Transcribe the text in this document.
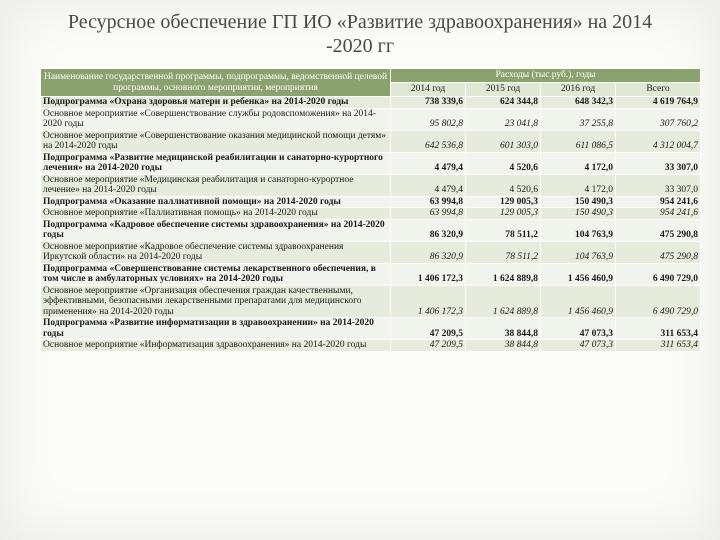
Ресурсное обеспечение ГП ИО «Развитие здравоохранения» на 2014
-2020 гг
Наименование государственной программы, подпрограммы, ведомственной целевой программы, основного мероприятия, мероприятия	Расходы (тыс.руб.), годы			
	2014 год	2015 год	2016 год	Всего
Подпрограмма «Охрана здоровья матери и ребенка» на 2014-2020 годы	738 339,6	624 344,8	648 342,3	4 619 764,9
Основное мероприятие «Совершенствование службы родовспоможения» на 2014-2020 годы	95 802,8	23 041,8	37 255,8	307 760,2
Основное мероприятие «Совершенствование оказания медицинской помощи детям» на 2014-2020 годы	642 536,8	601 303,0	611 086,5	4 312 004,7
Подпрограмма «Развитие медицинской реабилитации и санаторно-курортного лечения» на 2014-2020 годы	4 479,4	4 520,6	4 172,0	33 307,0
Основное мероприятие «Медицинская реабилитация и санаторно-курортное лечение» на 2014-2020 годы	4 479,4	4 520,6	4 172,0	33 307,0
Подпрограмма «Оказание паллиативной помощи» на 2014-2020 годы	63 994,8	129 005,3	150 490,3	954 241,6
Основное мероприятие «Паллиативная помощь» на 2014-2020 годы	63 994,8	129 005,3	150 490,3	954 241,6
Подпрограмма «Кадровое обеспечение системы здравоохранения» на 2014-2020 годы	86 320,9	78 511,2	104 763,9	475 290,8
Основное мероприятие «Кадровое обеспечение системы здравоохранения Иркутской области» на 2014-2020 годы	86 320,9	78 511,2	104 763,9	475 290,8
Подпрограмма «Совершенствование системы лекарственного обеспечения, в том числе в амбулаторных условиях» на 2014-2020 годы	1 406 172,3	1 624 889,8	1 456 460,9	6 490 729,0
Основное мероприятие «Организация обеспечения граждан качественными, эффективными, безопасными лекарственными препаратами для медицинского применения» на 2014-2020 годы	1 406 172,3	1 624 889,8	1 456 460,9	6 490 729,0
Подпрограмма «Развитие информатизации в здравоохранении» на 2014-2020 годы	47 209,5	38 844,8	47 073,3	311 653,4
Основное мероприятие «Информатизация здравоохранения» на 2014-2020 годы	47 209,5	38 844,8	47 073,3	311 653,4
